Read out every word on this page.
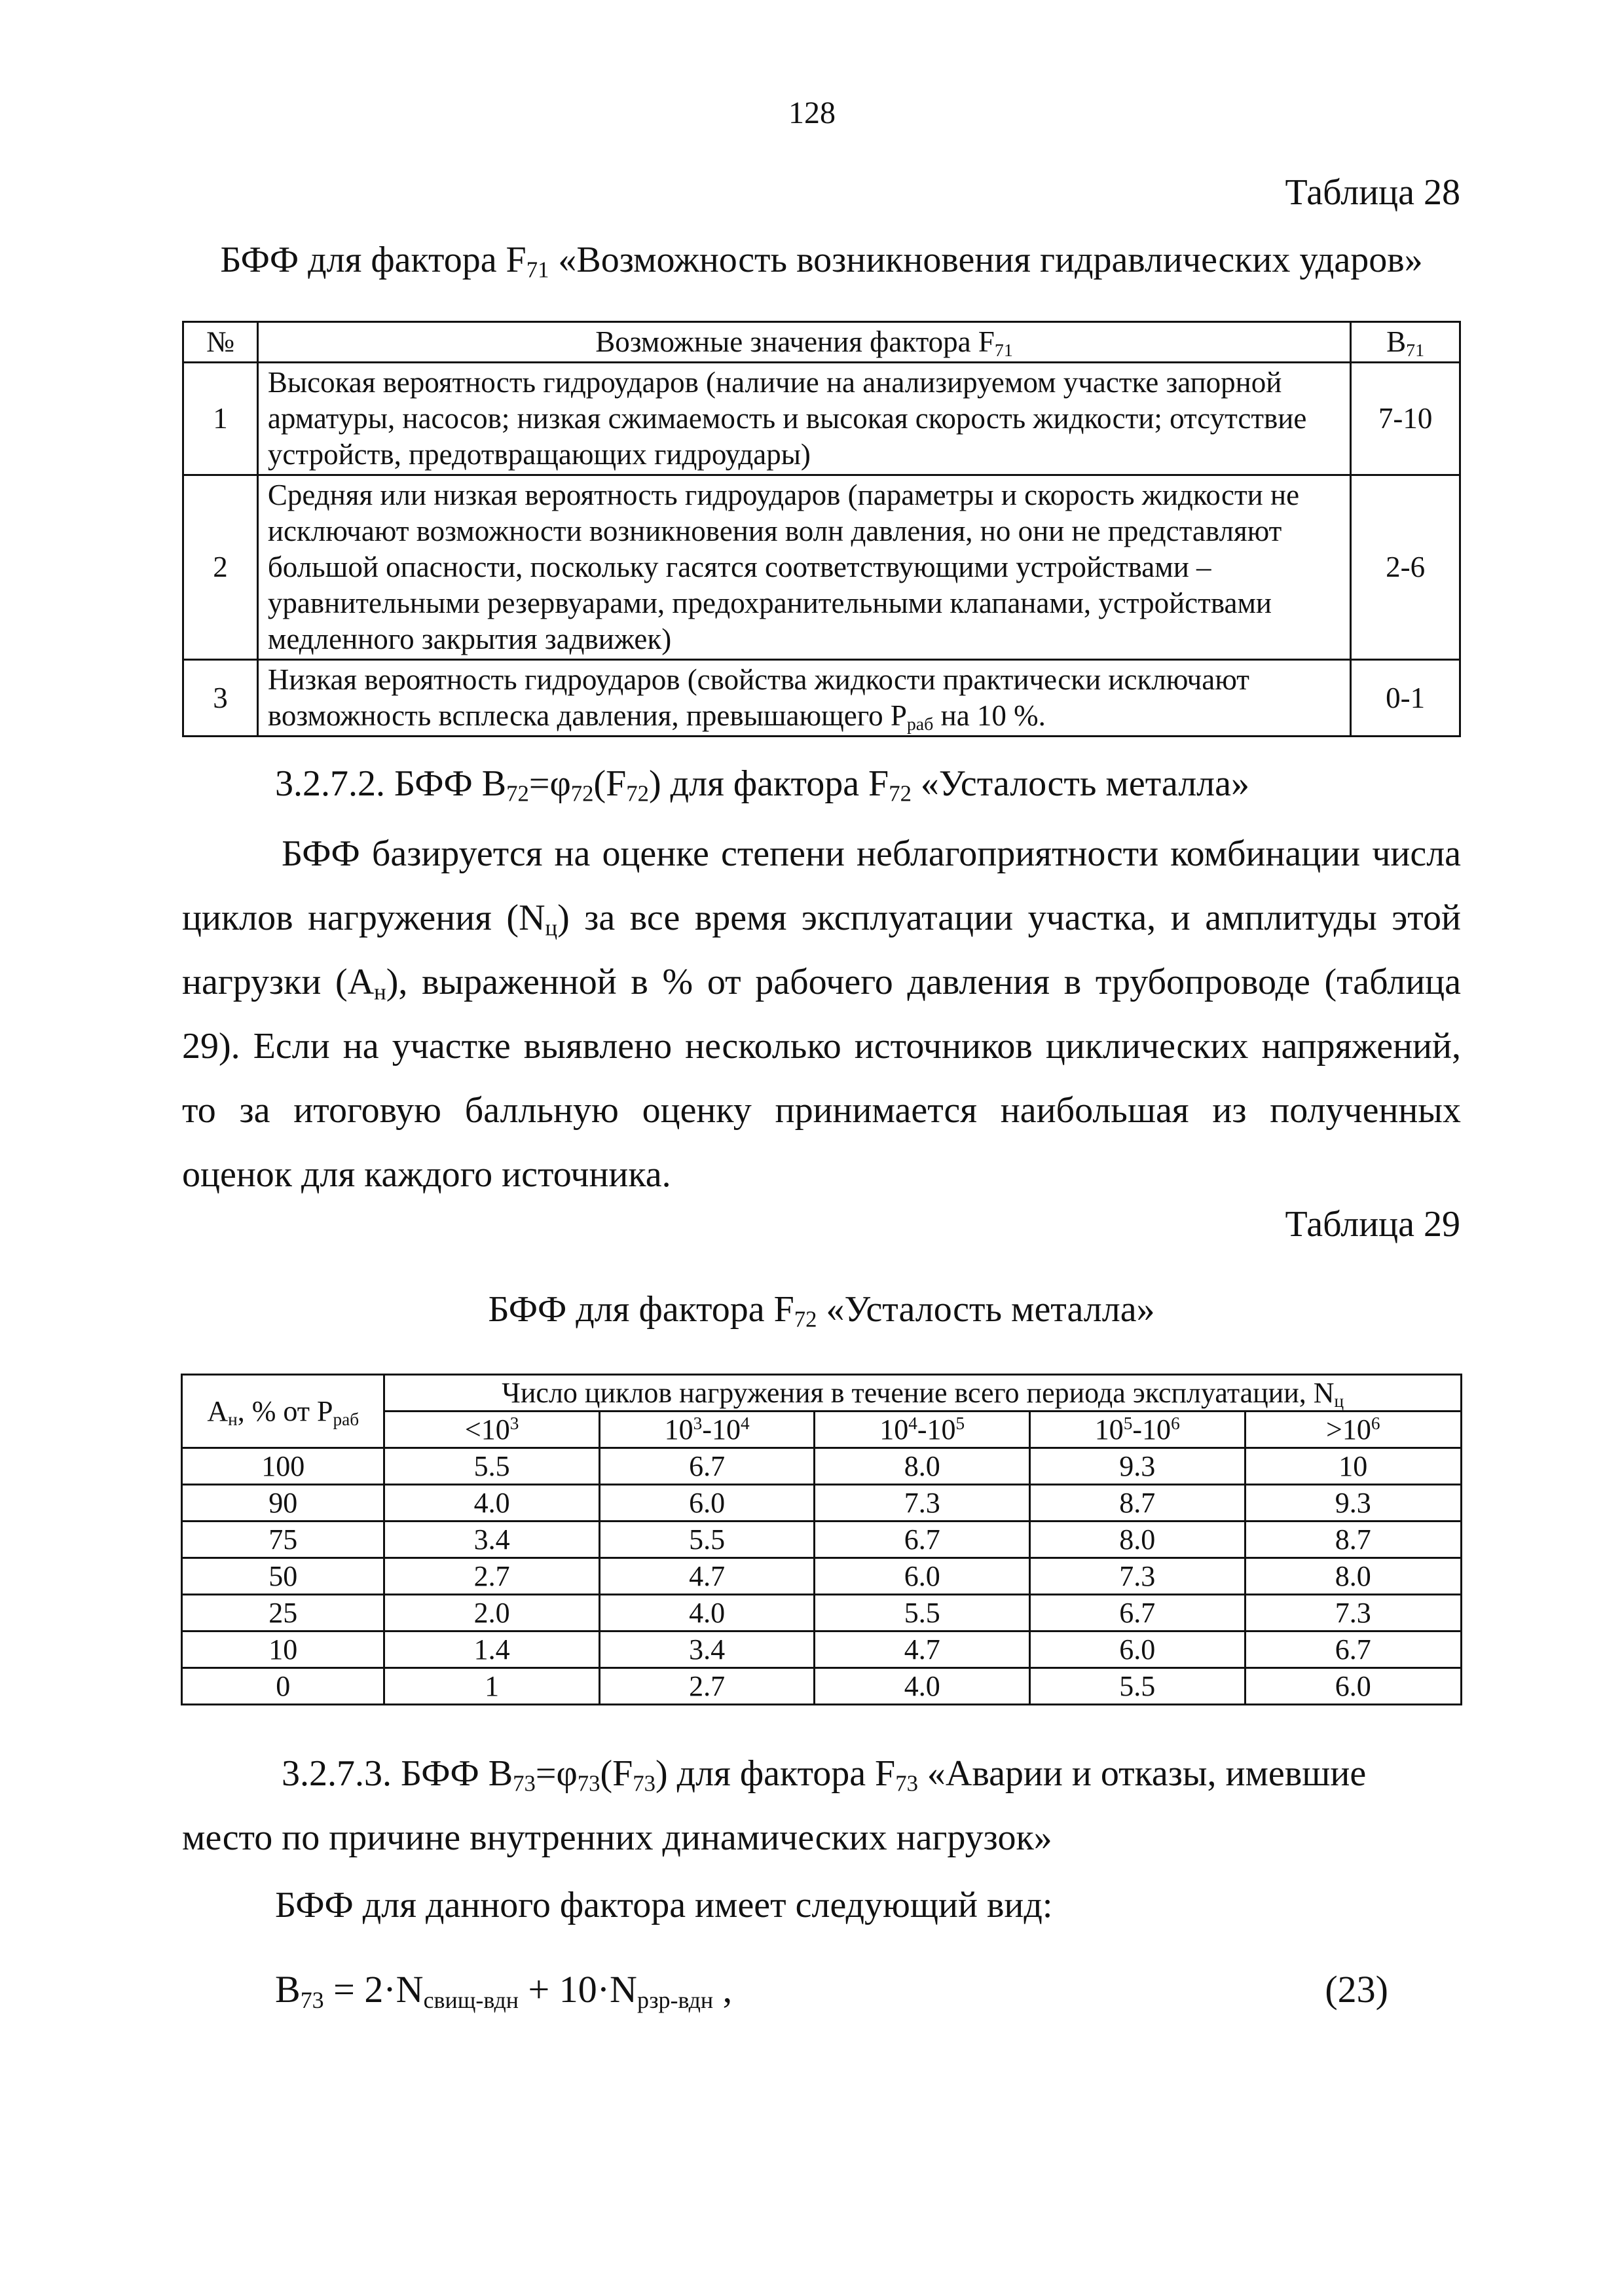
128
Таблица 28
БФФ для фактора $F_{71}$ «Возможность возникновения гидравлических ударов»
№	Возможные значения фактора $F_{71}$	$B_{71}$
1	Высокая вероятность гидроударов (наличие на анализируемом участке запорной арматуры, насосов; низкая сжимаемость и высокая скорость жидкости; отсутствие устройств, предотвращающих гидроудары)	7-10
2	Средняя или низкая вероятность гидроударов (параметры и скорость жидкости не исключают возможности возникновения волн давления, но они не представляют большой опасности, поскольку гасятся соответствующими устройствами – уравнительными резервуарами, предохранительными клапанами, устройствами медленного закрытия задвижек)	2-6
3	Низкая вероятность гидроударов (свойства жидкости практически исключают возможность всплеска давления, превышающего $P_{раб}$ на 10 %.	0-1
3.2.7.2. БФФ $B_{72}=\varphi_{72}(F_{72})$ для фактора $F_{72}$ «Усталость металла»
БФФ базируется на оценке степени неблагоприятности комбинации числа циклов нагружения $(N_ц)$ за все время эксплуатации участка, и амплитуды этой нагрузки $(A_н)$, выраженной в % от рабочего давления в трубопроводе (таблица 29). Если на участке выявлено несколько источников циклических напряжений, то за итоговую балльную оценку принимается наибольшая из полученных оценок для каждого источника.
Таблица 29
БФФ для фактора $F_{72}$ «Усталость металла»
$A_н$, % от $P_{раб}$	Число циклов нагружения в течение всего периода эксплуатации, $N_ц$
	$<10^3$	$10^3-10^4$	$10^4-10^5$	$10^5-10^6$	$>10^6$
100	5.5	6.7	8.0	9.3	10
90	4.0	6.0	7.3	8.7	9.3
75	3.4	5.5	6.7	8.0	8.7
50	2.7	4.7	6.0	7.3	8.0
25	2.0	4.0	5.5	6.7	7.3
10	1.4	3.4	4.7	6.0	6.7
0	1	2.7	4.0	5.5	6.0
3.2.7.3. БФФ $B_{73}=\varphi_{73}(F_{73})$ для фактора $F_{73}$ «Аварии и отказы, имевшие место по причине внутренних динамических нагрузок»
БФФ для данного фактора имеет следующий вид:
$B_{73} = 2\cdot N_{свищ-вдн} + 10\cdot N_{рзр-вдн}$ ,	(23)
